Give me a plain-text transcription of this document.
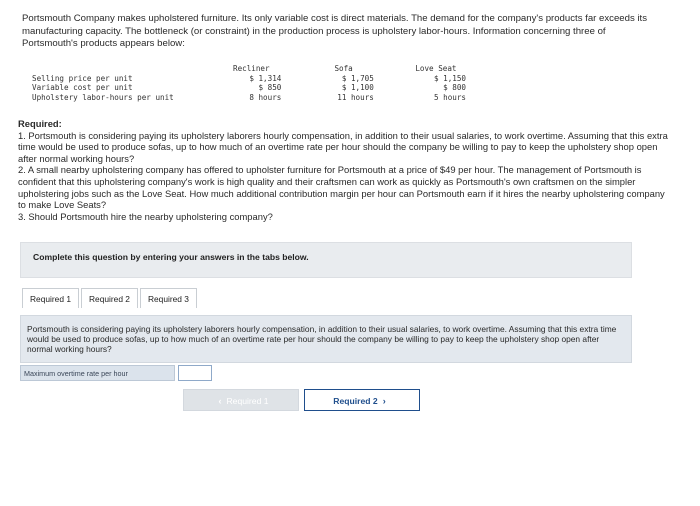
Portsmouth Company makes upholstered furniture. Its only variable cost is direct materials. The demand for the company's products far exceeds its manufacturing capacity. The bottleneck (or constraint) in the production process is upholstery labor-hours. Information concerning three of Portsmouth's products appears below:
	Recliner	Sofa	Love Seat
Selling price per unit	$ 1,314	$ 1,705	$ 1,150
Variable cost per unit	$ 850	$ 1,100	$ 800
Upholstery labor-hours per unit	8 hours	11 hours	5 hours

Required:

1. Portsmouth is considering paying its upholstery laborers hourly compensation, in addition to their usual salaries, to work overtime. Assuming that this extra time would be used to produce sofas, up to how much of an overtime rate per hour should the company be willing to pay to keep the upholstery shop open after normal working hours?

2. A small nearby upholstering company has offered to upholster furniture for Portsmouth at a price of $49 per hour. The management of Portsmouth is confident that this upholstering company's work is high quality and their craftsmen can work as quickly as Portsmouth's own craftsmen on the simpler upholstering jobs such as the Love Seat. How much additional contribution margin per hour can Portsmouth earn if it hires the nearby upholstering company to make Love Seats?

3. Should Portsmouth hire the nearby upholstering company?

Complete this question by entering your answers in the tabs below.
Required 1	Required 2	Required 3
Portsmouth is considering paying its upholstery laborers hourly compensation, in addition to their usual salaries, to work overtime. Assuming that this extra time would be used to produce sofas, up to how much of an overtime rate per hour should the company be willing to pay to keep the upholstery shop open after normal working hours?
Maximum overtime rate per hour
‹ Required 1	Required 2 ›
